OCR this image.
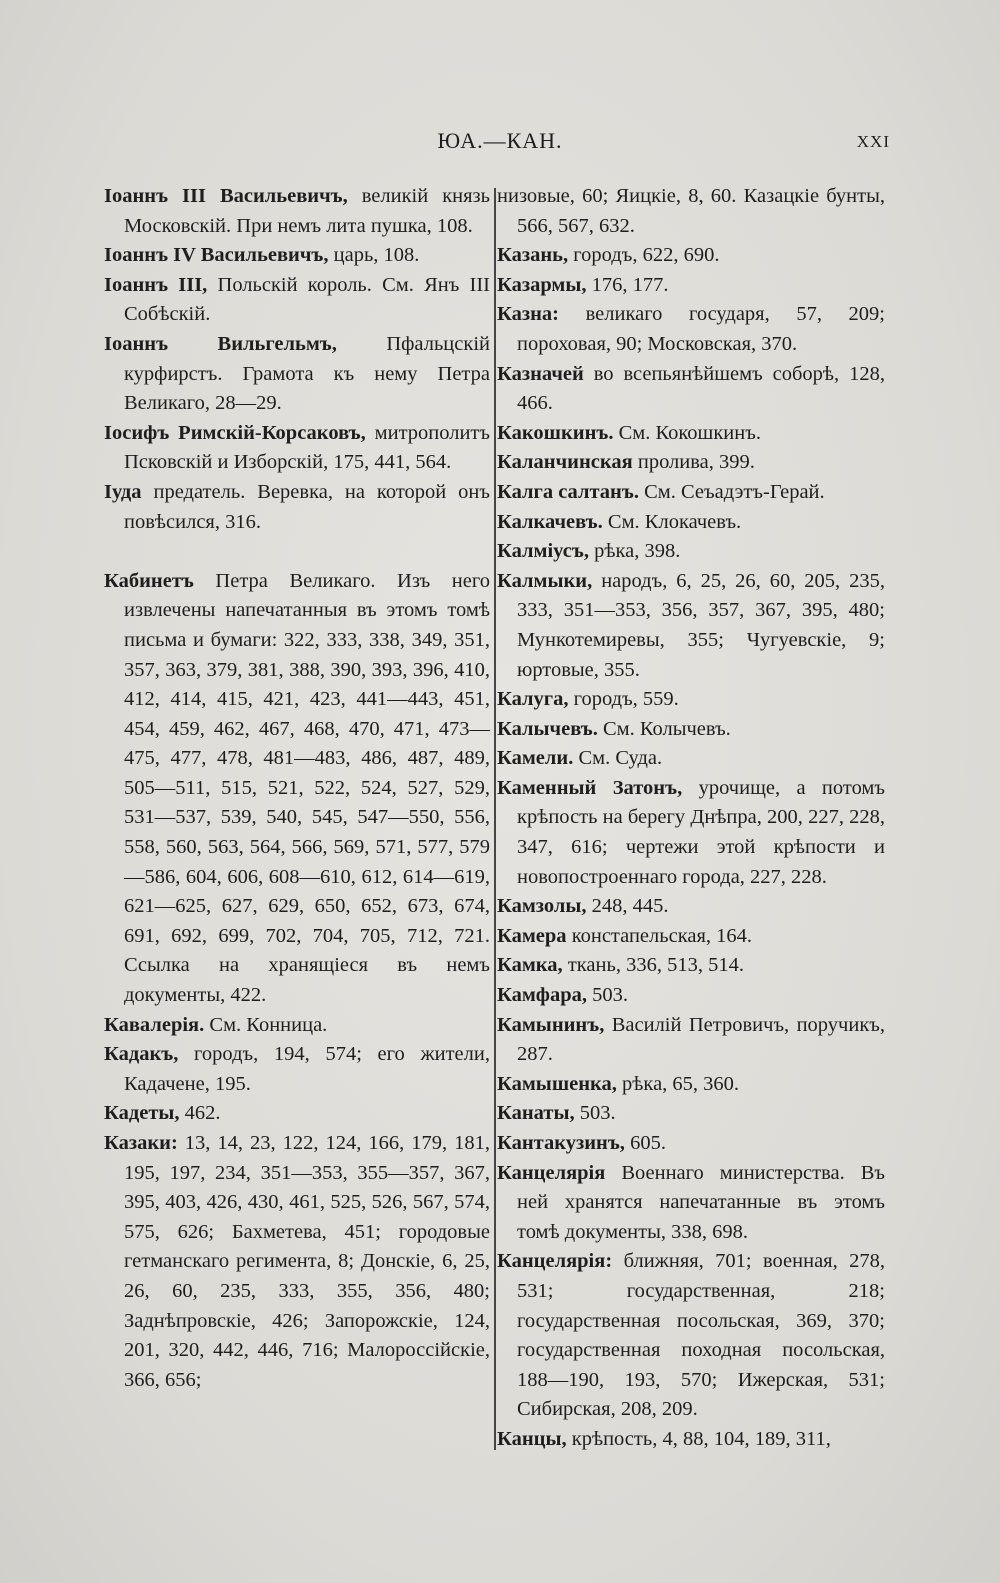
ЮА.—КАН.	XXI
Іоаннъ III Васильевичъ, великій князь Московскій. При немъ лита пушка, 108.
Іоаннъ IV Васильевичъ, царь, 108.
Іоаннъ III, Польскій король. См. Янъ III Собѣскій.
Іоаннъ Вильгельмъ, Пфальцскій курфирстъ. Грамота къ нему Петра Великаго, 28—29.
Іосифъ Римскій-Корсаковъ, митрополитъ Псковскій и Изборскій, 175, 441, 564.
Іуда предатель. Веревка, на которой онъ повѣсился, 316.
Кабинетъ Петра Великаго. Изъ него извлечены напечатанныя въ этомъ томѣ письма и бумаги: 322, 333, 338, 349, 351, 357, 363, 379, 381, 388, 390, 393, 396, 410, 412, 414, 415, 421, 423, 441—443, 451, 454, 459, 462, 467, 468, 470, 471, 473—475, 477, 478, 481—483, 486, 487, 489, 505—511, 515, 521, 522, 524, 527, 529, 531—537, 539, 540, 545, 547—550, 556, 558, 560, 563, 564, 566, 569, 571, 577, 579—586, 604, 606, 608—610, 612, 614—619, 621—625, 627, 629, 650, 652, 673, 674, 691, 692, 699, 702, 704, 705, 712, 721. Ссылка на хранящіеся въ немъ документы, 422.
Кавалерія. См. Конница.
Кадакъ, городъ, 194, 574; его жители, Кадачене, 195.
Кадеты, 462.
Казаки: 13, 14, 23, 122, 124, 166, 179, 181, 195, 197, 234, 351—353, 355—357, 367, 395, 403, 426, 430, 461, 525, 526, 567, 574, 575, 626; Бахметева, 451; городовые гетманскаго регимента, 8; Донскіе, 6, 25, 26, 60, 235, 333, 355, 356, 480; Заднѣпровскіе, 426; Запорожскіе, 124, 201, 320, 442, 446, 716; Малороссійскіе, 366, 656;
низовые, 60; Яицкіе, 8, 60. Казацкіе бунты, 566, 567, 632.
Казань, городъ, 622, 690.
Казармы, 176, 177.
Казна: великаго государя, 57, 209; пороховая, 90; Московская, 370.
Казначей во всепьянѣйшемъ соборѣ, 128, 466.
Какошкинъ. См. Кокошкинъ.
Каланчинская пролива, 399.
Калга салтанъ. См. Сеъадэтъ-Герай.
Калкачевъ. См. Клокачевъ.
Калміусъ, рѣка, 398.
Калмыки, народъ, 6, 25, 26, 60, 205, 235, 333, 351—353, 356, 357, 367, 395, 480; Мункотемиревы, 355; Чугуевскіе, 9; юртовые, 355.
Калуга, городъ, 559.
Калычевъ. См. Колычевъ.
Камели. См. Суда.
Каменный Затонъ, урочище, а потомъ крѣпость на берегу Днѣпра, 200, 227, 228, 347, 616; чертежи этой крѣпости и новопостроеннаго города, 227, 228.
Камзолы, 248, 445.
Камера констапельская, 164.
Камка, ткань, 336, 513, 514.
Камфара, 503.
Камынинъ, Василій Петровичъ, поручикъ, 287.
Камышенка, рѣка, 65, 360.
Канаты, 503.
Кантакузинъ, 605.
Канцелярія Военнаго министерства. Въ ней хранятся напечатанные въ этомъ томѣ документы, 338, 698.
Канцелярія: ближняя, 701; военная, 278, 531; государственная, 218; государственная посольская, 369, 370; государственная походная посольская, 188—190, 193, 570; Ижерская, 531; Сибирская, 208, 209.
Канцы, крѣпость, 4, 88, 104, 189, 311,
